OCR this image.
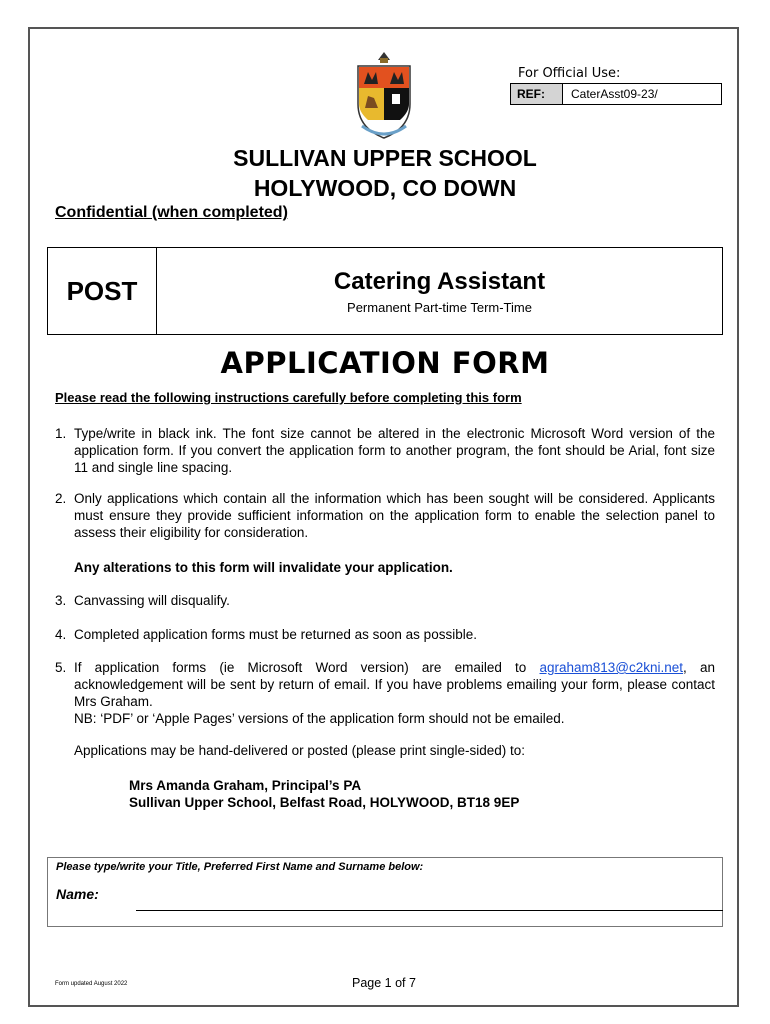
For Official Use:
REF:	CaterAsst09-23/
SULLIVAN UPPER SCHOOL
HOLYWOOD, CO DOWN
Confidential (when completed)
POST	Catering Assistant
Permanent Part-time Term-Time
APPLICATION FORM
Please read the following instructions carefully before completing this form
1. Type/write in black ink. The font size cannot be altered in the electronic Microsoft Word version of the application form. If you convert the application form to another program, the font should be Arial, font size 11 and single line spacing.
2. Only applications which contain all the information which has been sought will be considered. Applicants must ensure they provide sufficient information on the application form to enable the selection panel to assess their eligibility for consideration.
Any alterations to this form will invalidate your application.
3. Canvassing will disqualify.
4. Completed application forms must be returned as soon as possible.
5. If application forms (ie Microsoft Word version) are emailed to agraham813@c2kni.net, an acknowledgement will be sent by return of email. If you have problems emailing your form, please contact Mrs Graham.
NB: ‘PDF’ or ‘Apple Pages’ versions of the application form should not be emailed.
Applications may be hand-delivered or posted (please print single-sided) to:
Mrs Amanda Graham, Principal’s PA
Sullivan Upper School, Belfast Road, HOLYWOOD, BT18 9EP
Please type/write your Title, Preferred First Name and Surname below:
Name:
Form updated August 2022	Page 1 of 7
